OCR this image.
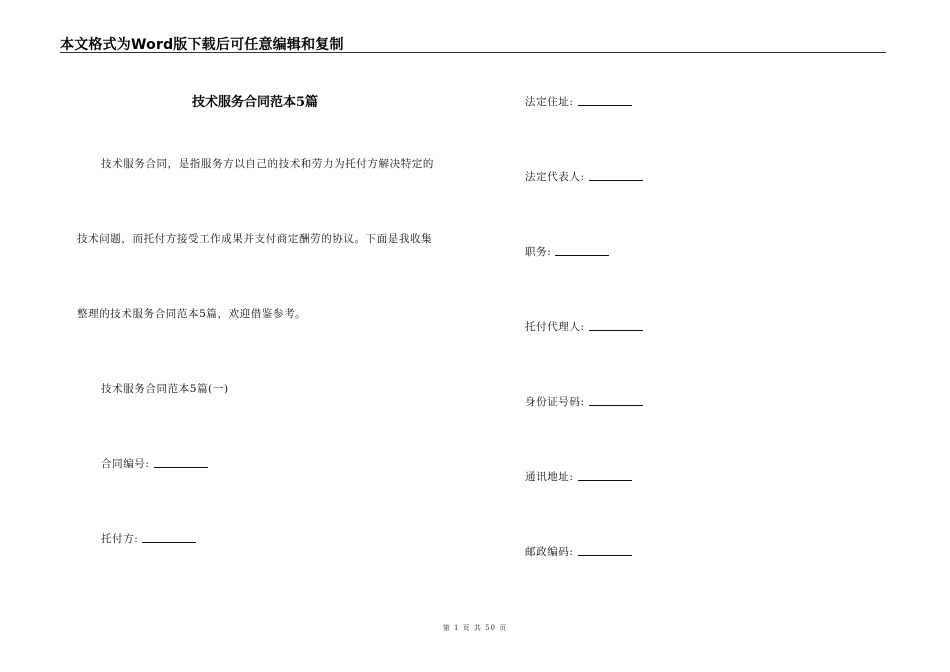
本文格式为Word版下载后可任意编辑和复制
技术服务合同范本5篇
技术服务合同，是指服务方以自己的技术和劳力为托付方解决特定的
技术问题，而托付方接受工作成果并支付商定酬劳的协议。下面是我收集
整理的技术服务合同范本5篇，欢迎借鉴参考。
技术服务合同范本5篇(一)
合同编号:
托付方:
法定住址:
法定代表人:
职务:
托付代理人:
身份证号码:
通讯地址:
邮政编码:
第 1 页 共 50 页
